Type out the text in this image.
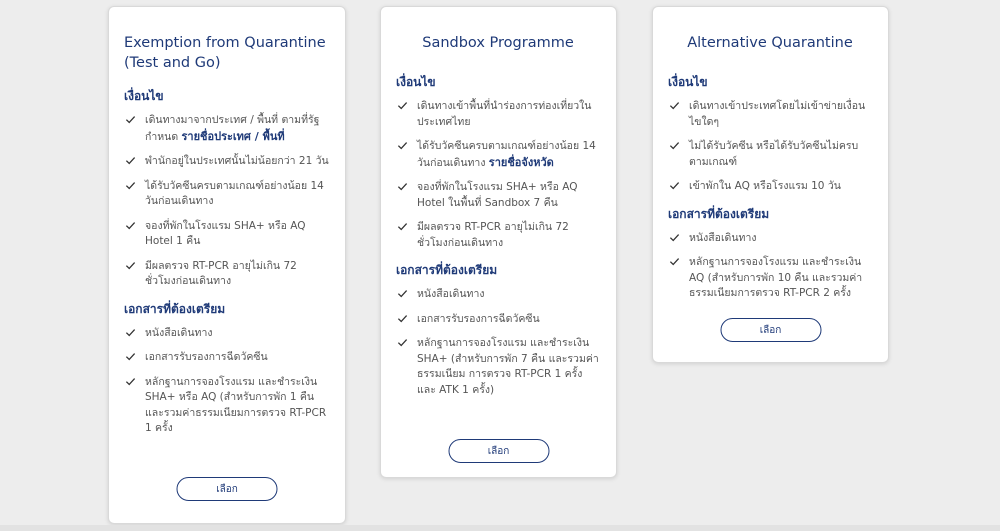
Exemption from Quarantine (Test and Go)
เงื่อนไข
เดินทางมาจากประเทศ / พื้นที่ ตามที่รัฐกำหนด รายชื่อประเทศ / พื้นที่
พำนักอยู่ในประเทศนั้นไม่น้อยกว่า 21 วัน
ได้รับวัคซีนครบตามเกณฑ์อย่างน้อย 14 วันก่อนเดินทาง
จองที่พักในโรงแรม SHA+ หรือ AQ Hotel 1 คืน
มีผลตรวจ RT-PCR อายุไม่เกิน 72 ชั่วโมงก่อนเดินทาง
เอกสารที่ต้องเตรียม
หนังสือเดินทาง
เอกสารรับรองการฉีดวัคซีน
หลักฐานการจองโรงแรม และชำระเงิน SHA+ หรือ AQ (สำหรับการพัก 1 คืน และรวมค่าธรรมเนียมการตรวจ RT-PCR 1 ครั้ง
เลือก
Sandbox Programme
เงื่อนไข
เดินทางเข้าพื้นที่นำร่องการท่องเที่ยวในประเทศไทย
ได้รับวัคซีนครบตามเกณฑ์อย่างน้อย 14 วันก่อนเดินทาง รายชื่อจังหวัด
จองที่พักในโรงแรม SHA+ หรือ AQ Hotel ในพื้นที่ Sandbox 7 คืน
มีผลตรวจ RT-PCR อายุไม่เกิน 72 ชั่วโมงก่อนเดินทาง
เอกสารที่ต้องเตรียม
หนังสือเดินทาง
เอกสารรับรองการฉีดวัคซีน
หลักฐานการจองโรงแรม และชำระเงิน SHA+ (สำหรับการพัก 7 คืน และรวมค่าธรรมเนียม การตรวจ RT-PCR 1 ครั้ง และ ATK 1 ครั้ง)
เลือก
Alternative Quarantine
เงื่อนไข
เดินทางเข้าประเทศโดยไม่เข้าข่ายเงื่อนไขใดๆ
ไม่ได้รับวัคซีน หรือได้รับวัคซีนไม่ครบตามเกณฑ์
เข้าพักใน AQ หรือโรงแรม 10 วัน
เอกสารที่ต้องเตรียม
หนังสือเดินทาง
หลักฐานการจองโรงแรม และชำระเงิน AQ (สำหรับการพัก 10 คืน และรวมค่าธรรมเนียมการตรวจ RT-PCR 2 ครั้ง
เลือก
